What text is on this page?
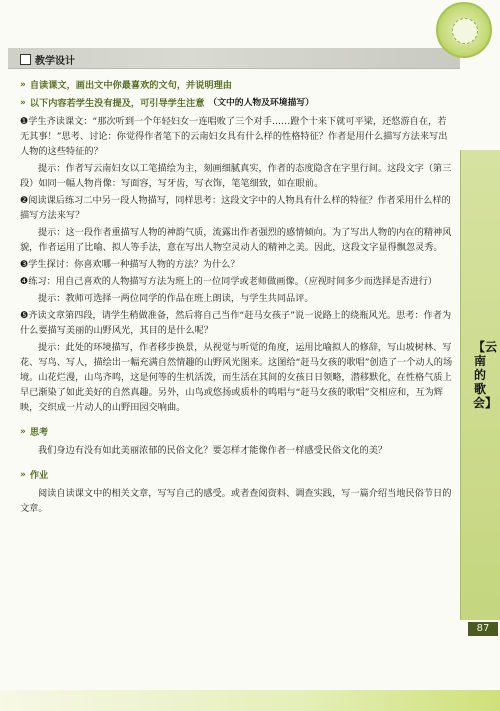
教学设计
【云南的歌会】
87
» 自读课文，画出文中你最喜欢的文句，并说明理由
» 以下内容若学生没有提及，可引导学生注意 （文中的人物及环境描写）

❶学生齐读课文：“那次听到一个年轻妇女一连唱败了三个对手……蹬个十来下就可平梁，还悠游自在，若无其事！”思考、讨论：你觉得作者笔下的云南妇女具有什么样的性格特征？作者是用什么描写方法来写出人物的这些特征的？

提示：作者写云南妇女以工笔描绘为主，刻画细腻真实，作者的态度隐含在字里行间。这段文字（第三段）如同一幅人物肖像：写面容，写牙齿，写衣饰，笔笔细致，如在眼前。

❷阅读课后练习二中另一段人物描写，同样思考：这段文字中的人物具有什么样的特征？作者采用什么样的描写方法来写？

提示：这一段作者重描写人物的神韵气质，流露出作者强烈的感情倾向。为了写出人物的内在的精神风貌，作者运用了比喻、拟人等手法，意在写出人物空灵动人的精神之美。因此，这段文字显得飘忽灵秀。

❸学生探讨：你喜欢哪一种描写人物的方法？为什么？

❹练习：用自己喜欢的人物描写方法为班上的一位同学或老师做画像。（应视时间多少而选择是否进行）

提示：教师可选择一两位同学的作品在班上朗读，与学生共同品评。

❺齐读文章第四段，请学生稍做准备，然后将自己当作“赶马女孩子”说一说路上的绕瓶风光。思考：作者为什么要描写美丽的山野风光，其目的是什么呢？

提示：此处的环境描写，作者移步换景，从视觉与听觉的角度，运用比喻拟人的修辞，写山坡树林、写花、写鸟、写人，描绘出一幅充满自然情趣的山野风光图来。这图给“赶马女孩的歌唱”创造了一个动人的场境。山花烂漫，山鸟齐鸣，这是何等的生机活泼，而生活在其间的女孩日日领略，潜移默化，在性格气质上早已渐染了如此美好的自然真趣。另外，山鸟或悠扬或质朴的鸣唱与“赶马女孩的歌唱”交相应和，互为辉映，交织成一片动人的山野田园交响曲。

» 思考

我们身边有没有如此美丽浓郁的民俗文化？要怎样才能像作者一样感受民俗文化的美？

» 作业

阅读自读课文中的相关文章，写写自己的感受。或者查阅资料、调查实践，写一篇介绍当地民俗节日的文章。
